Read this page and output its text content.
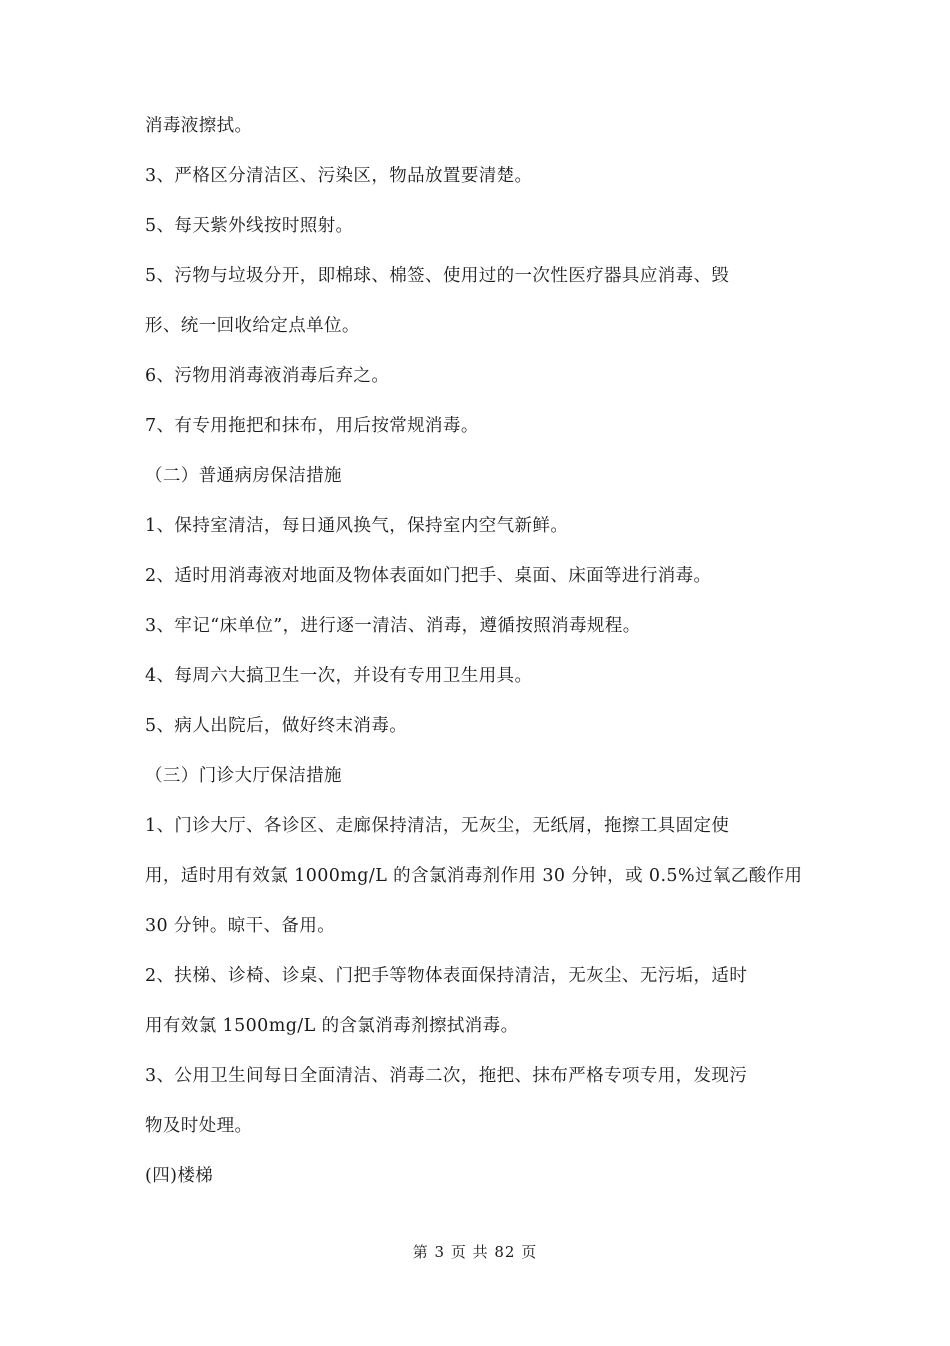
消毒液擦拭。
3、严格区分清洁区、污染区，物品放置要清楚。
5、每天紫外线按时照射。
5、污物与垃圾分开，即棉球、棉签、使用过的一次性医疗器具应消毒、毁
形、统一回收给定点单位。
6、污物用消毒液消毒后弃之。
7、有专用拖把和抹布，用后按常规消毒。
（二）普通病房保洁措施
1、保持室清洁，每日通风换气，保持室内空气新鲜。
2、适时用消毒液对地面及物体表面如门把手、桌面、床面等进行消毒。
3、牢记“床单位”，进行逐一清洁、消毒，遵循按照消毒规程。
4、每周六大搞卫生一次，并设有专用卫生用具。
5、病人出院后，做好终末消毒。
（三）门诊大厅保洁措施
1、门诊大厅、各诊区、走廊保持清洁，无灰尘，无纸屑，拖擦工具固定使
用，适时用有效氯 1000mg/L 的含氯消毒剂作用 30 分钟，或 0.5%过氧乙酸作用
30 分钟。晾干、备用。
2、扶梯、诊椅、诊桌、门把手等物体表面保持清洁，无灰尘、无污垢，适时
用有效氯 1500mg/L 的含氯消毒剂擦拭消毒。
3、公用卫生间每日全面清洁、消毒二次，拖把、抹布严格专项专用，发现污
物及时处理。
(四)楼梯
第 3 页 共 82 页
